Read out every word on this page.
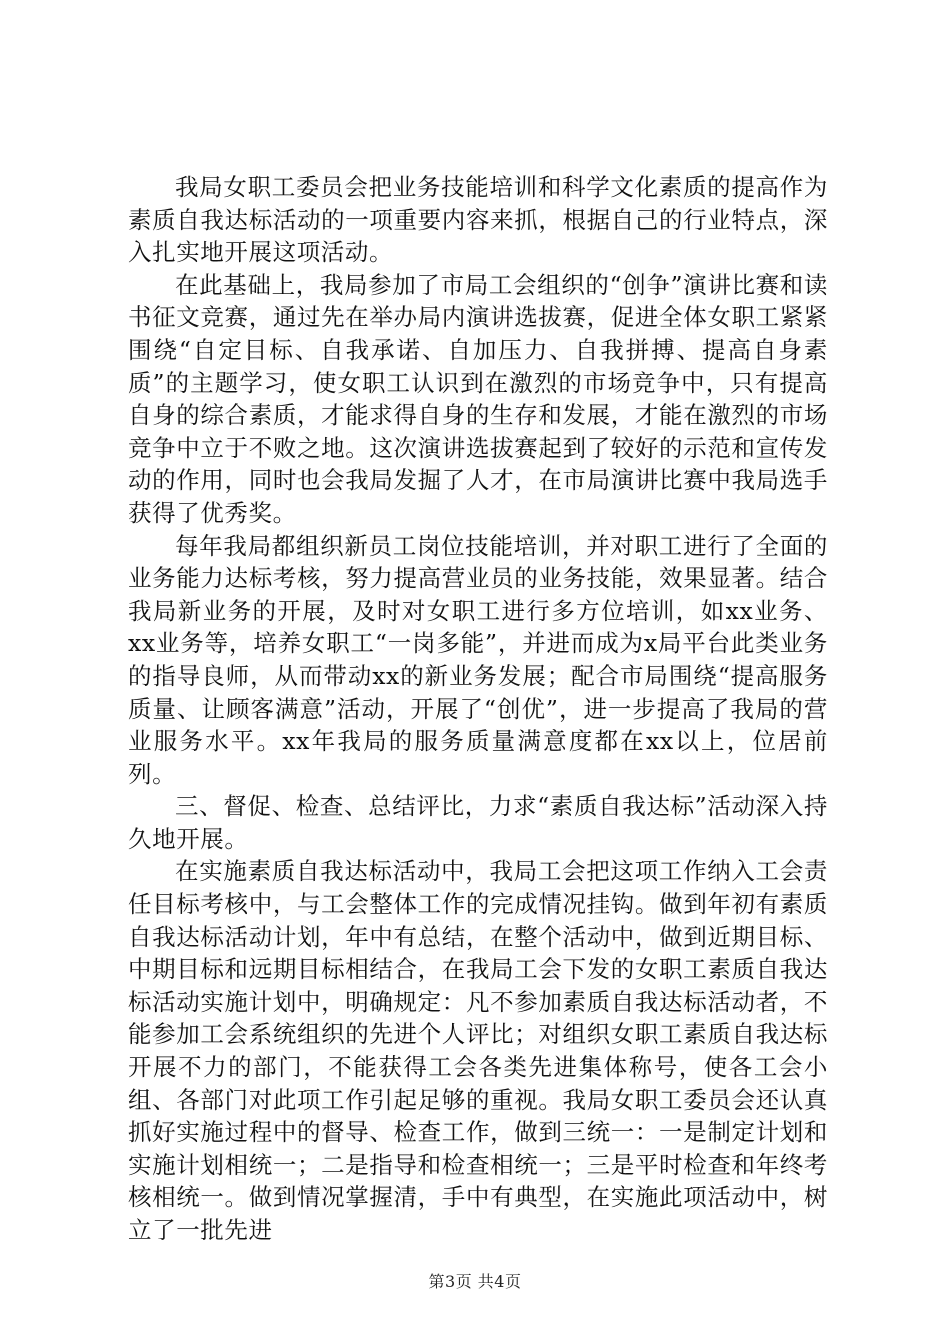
我局女职工委员会把业务技能培训和科学文化素质的提高作为素质自我达标活动的一项重要内容来抓，根据自己的行业特点，深入扎实地开展这项活动。

在此基础上，我局参加了市局工会组织的“创争”演讲比赛和读书征文竞赛，通过先在举办局内演讲选拔赛，促进全体女职工紧紧围绕“自定目标、自我承诺、自加压力、自我拼搏、提高自身素质”的主题学习，使女职工认识到在激烈的市场竞争中，只有提高自身的综合素质，才能求得自身的生存和发展，才能在激烈的市场竞争中立于不败之地。这次演讲选拔赛起到了较好的示范和宣传发动的作用，同时也会我局发掘了人才，在市局演讲比赛中我局选手获得了优秀奖。

每年我局都组织新员工岗位技能培训，并对职工进行了全面的业务能力达标考核，努力提高营业员的业务技能，效果显著。结合我局新业务的开展，及时对女职工进行多方位培训，如xx业务、xx业务等，培养女职工“一岗多能”，并进而成为x局平台此类业务的指导良师，从而带动xx的新业务发展；配合市局围绕“提高服务质量、让顾客满意”活动，开展了“创优”，进一步提高了我局的营业服务水平。xx年我局的服务质量满意度都在xx以上，位居前列。

三、督促、检查、总结评比，力求“素质自我达标”活动深入持久地开展。

在实施素质自我达标活动中，我局工会把这项工作纳入工会责任目标考核中，与工会整体工作的完成情况挂钩。做到年初有素质自我达标活动计划，年中有总结，在整个活动中，做到近期目标、中期目标和远期目标相结合，在我局工会下发的女职工素质自我达标活动实施计划中，明确规定：凡不参加素质自我达标活动者，不能参加工会系统组织的先进个人评比；对组织女职工素质自我达标开展不力的部门，不能获得工会各类先进集体称号，使各工会小组、各部门对此项工作引起足够的重视。我局女职工委员会还认真抓好实施过程中的督导、检查工作，做到三统一：一是制定计划和实施计划相统一；二是指导和检查相统一；三是平时检查和年终考核相统一。做到情况掌握清，手中有典型，在实施此项活动中，树立了一批先进

第3页 共4页
